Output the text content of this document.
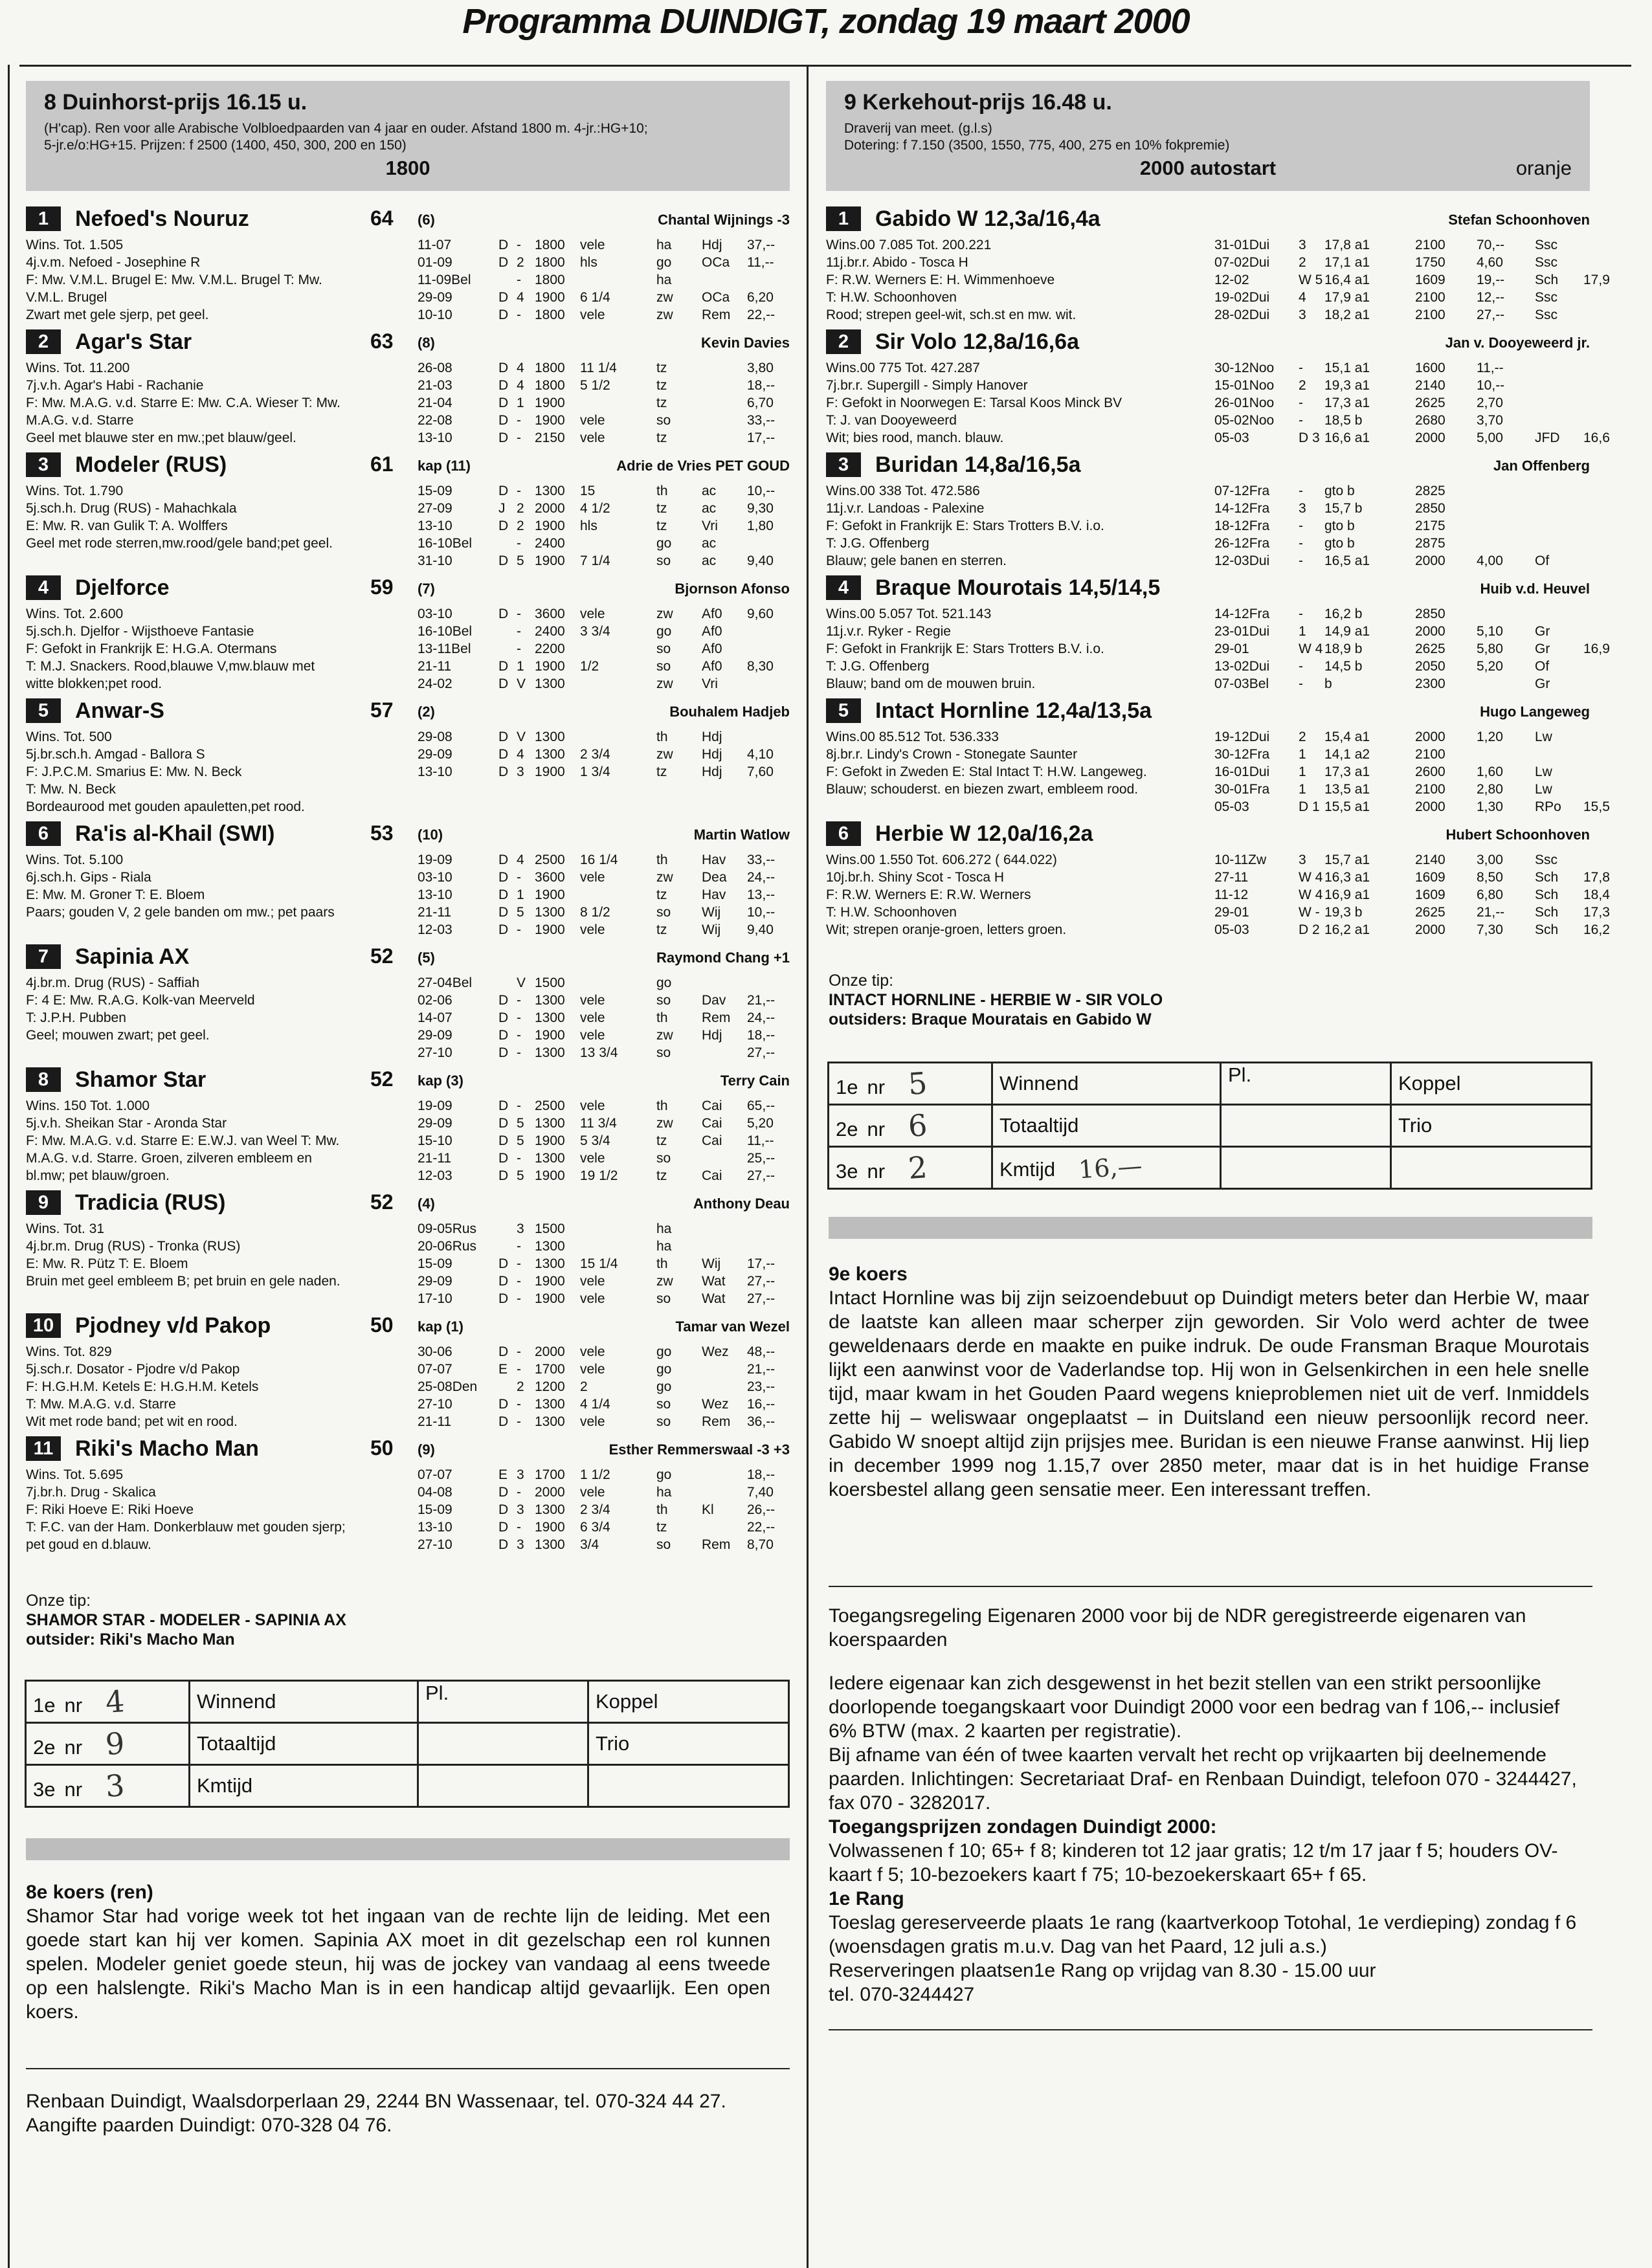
Programma DUINDIGT, zondag 19 maart 2000
8 Duinhorst-prijs 16.15 u.
(H'cap). Ren voor alle Arabische Volbloedpaarden van 4 jaar en ouder. Afstand 1800 m. 4-jr.:HG+10;
5-jr.e/o:HG+15. Prijzen: f 2500 (1400, 450, 300, 200 en 150)
1800
1	Nefoed's Nouruz	64 (6)	Chantal Wijnings -3
Wins. Tot. 1.505
4j.v.m. Nefoed - Josephine R
F: Mw. V.M.L. Brugel E: Mw. V.M.L. Brugel T: Mw.
V.M.L. Brugel
Zwart met gele sjerp, pet geel.
11-07	D -	1800	vele	ha	Hdj	37,--
01-09	D 2 1800	hls	go	OCa	11,--
11-09Bel	-	1800	ha
29-09	D 4 1900	6 1/4	zw	OCa	6,20
10-10	D -	1800	vele	zw	Rem	22,--
2	Agar's Star	63 (8)	Kevin Davies
Wins. Tot. 11.200
7j.v.h. Agar's Habi - Rachanie
F: Mw. M.A.G. v.d. Starre E: Mw. C.A. Wieser T: Mw.
M.A.G. v.d. Starre
Geel met blauwe ster en mw.;pet blauw/geel.
26-08	D 4 1800	11 1/4	tz	3,80
21-03	D 4 1800	5 1/2	tz	18,--
21-04	D 1 1900	tz	6,70
22-08	D -	1900	vele	so	33,--
13-10	D -	2150	vele	tz	17,--
3	Modeler (RUS)	61 kap (11)	Adrie de Vries PET GOUD
Wins. Tot. 1.790
5j.sch.h. Drug (RUS) - Mahachkala
E: Mw. R. van Gulik T: A. Wolffers
Geel met rode sterren,mw.rood/gele band;pet geel.
15-09	D -	1300	15	th	ac	10,--
27-09	J 2 2000	4 1/2	tz	ac	9,30
13-10	D 2 1900	hls	tz	Vri	1,80
16-10Bel	-	2400	go	ac
31-10	D 5 1900	7 1/4	so	ac	9,40
4	Djelforce	59 (7)	Bjornson Afonso
Wins. Tot. 2.600
5j.sch.h. Djelfor - Wijsthoeve Fantasie
F: Gefokt in Frankrijk E: H.G.A. Otermans
T: M.J. Snackers. Rood,blauwe V,mw.blauw met
witte blokken;pet rood.
03-10	D -	3600	vele	zw	Af0	9,60
16-10Bel	-	2400	3 3/4	go	Af0
13-11Bel	-	2200	so	Af0
21-11	D 1 1900	1/2	so	Af0	8,30
24-02	D V 1300	zw	Vri
5	Anwar-S	57 (2)	Bouhalem Hadjeb
Wins. Tot. 500
5j.br.sch.h. Amgad - Ballora S
F: J.P.C.M. Smarius E: Mw. N. Beck
T: Mw. N. Beck
Bordeaurood met gouden apauletten,pet rood.
29-08	D V 1300	th	Hdj
29-09	D 4 1300	2 3/4	zw	Hdj	4,10
13-10	D 3 1900	1 3/4	tz	Hdj	7,60
6	Ra'is al-Khail (SWI)	53 (10)	Martin Watlow
Wins. Tot. 5.100
6j.sch.h. Gips - Riala
E: Mw. M. Groner T: E. Bloem
Paars; gouden V, 2 gele banden om mw.; pet paars
19-09	D 4 2500	16 1/4	th	Hav	33,--
03-10	D -	3600	vele	zw	Dea	24,--
13-10	D 1 1900	tz	Hav	13,--
21-11	D 5 1300	8 1/2	so	Wij	10,--
12-03	D -	1900	vele	tz	Wij	9,40
7	Sapinia AX	52 (5)	Raymond Chang +1
4j.br.m. Drug (RUS) - Saffiah
F: 4 E: Mw. R.A.G. Kolk-van Meerveld
T: J.P.H. Pubben
Geel; mouwen zwart; pet geel.
27-04Bel	V 1500	go
02-06	D -	1300	vele	so	Dav	21,--
14-07	D -	1300	vele	th	Rem	24,--
29-09	D -	1900	vele	zw	Hdj	18,--
27-10	D -	1300	13 3/4	so	27,--
8	Shamor Star	52 kap (3)	Terry Cain
Wins. 150 Tot. 1.000
5j.v.h. Sheikan Star - Aronda Star
F: Mw. M.A.G. v.d. Starre E: E.W.J. van Weel T: Mw.
M.A.G. v.d. Starre. Groen, zilveren embleem en
bl.mw; pet blauw/groen.
19-09	D -	2500	vele	th	Cai	65,--
29-09	D 5 1300	11 3/4	zw	Cai	5,20
15-10	D 5 1900	5 3/4	tz	Cai	11,--
21-11	D -	1300	vele	so	25,--
12-03	D 5 1900	19 1/2	tz	Cai	27,--
9	Tradicia (RUS)	52 (4)	Anthony Deau
Wins. Tot. 31
4j.br.m. Drug (RUS) - Tronka (RUS)
E: Mw. R. Pütz T: E. Bloem
Bruin met geel embleem B; pet bruin en gele naden.
09-05Rus	3 1500	ha
20-06Rus	-	1300	ha
15-09	D -	1300	15 1/4	th	Wij	17,--
29-09	D -	1900	vele	zw	Wat	27,--
17-10	D -	1900	vele	so	Wat	27,--
10 Pjodney v/d Pakop	50 kap (1)	Tamar van Wezel
Wins. Tot. 829
5j.sch.r. Dosator - Pjodre v/d Pakop
F: H.G.H.M. Ketels E: H.G.H.M. Ketels
T: Mw. M.A.G. v.d. Starre
Wit met rode band; pet wit en rood.
30-06	D -	2000	vele	go	Wez	48,--
07-07	E -	1700	vele	go	21,--
25-08Den	2 1200	2	go	23,--
27-10	D -	1300	4 1/4	so	Wez	16,--
21-11	D -	1300	vele	so	Rem	36,--
11 Riki's Macho Man	50 (9)	Esther Remmerswaal -3 +3
Wins. Tot. 5.695
7j.br.h. Drug - Skalica
F: Riki Hoeve E: Riki Hoeve
T: F.C. van der Ham. Donkerblauw met gouden sjerp;
pet goud en d.blauw.
07-07	E 3 1700	1 1/2	go	18,--
04-08	D -	2000	vele	ha	7,40
15-09	D 3 1300	2 3/4	th	Kl	26,--
13-10	D -	1900	6 3/4	tz	22,--
27-10	D 3 1300	3/4	so	Rem	8,70
Onze tip:
SHAMOR STAR - MODELER - SAPINIA AX
outsider: Riki's Macho Man
1e nr 4	Winnend	Pl.	Koppel
2e nr 9	Totaaltijd		Trio
3e nr 3	Kmtijd		
8e koers (ren)
Shamor Star had vorige week tot het ingaan van de rechte lijn de leiding. Met een goede start kan hij ver komen. Sapinia AX moet in dit gezelschap een rol kunnen spelen. Modeler geniet goede steun, hij was de jockey van vandaag al eens tweede op een halslengte. Riki's Macho Man is in een handicap altijd gevaarlijk. Een open koers.
Renbaan Duindigt, Waalsdorperlaan 29, 2244 BN Wassenaar, tel. 070-324 44 27. Aangifte paarden Duindigt: 070-328 04 76.
9 Kerkehout-prijs 16.48 u.
Draverij van meet. (g.l.s)
Dotering: f 7.150 (3500, 1550, 775, 400, 275 en 10% fokpremie)
2000 autostart	oranje
1	Gabido W 12,3a/16,4a	Stefan Schoonhoven
Wins.00 7.085 Tot. 200.221
11j.br.r. Abido - Tosca H
F: R.W. Werners E: H. Wimmenhoeve
T: H.W. Schoonhoven
Rood; strepen geel-wit, sch.st en mw. wit.
31-01Dui	3	17,8 a1	2100	70,--	Ssc
07-02Dui	2	17,1 a1	1750	4,60	Ssc
12-02	W 5 16,4 a1	1609	19,--	Sch	17,9
19-02Dui	4	17,9 a1	2100	12,--	Ssc
28-02Dui	3	18,2 a1	2100	27,--	Ssc
2	Sir Volo 12,8a/16,6a	Jan v. Dooyeweerd jr.
Wins.00 775 Tot. 427.287
7j.br.r. Supergill - Simply Hanover
F: Gefokt in Noorwegen E: Tarsal Koos Minck BV
T: J. van Dooyeweerd
Wit; bies rood, manch. blauw.
30-12Noo	-	15,1 a1	1600	11,--
15-01Noo	2	19,3 a1	2140	10,--
26-01Noo	-	17,3 a1	2625	2,70
05-02Noo	-	18,5 b	2680	3,70
05-03	D 3 16,6 a1	2000	5,00	JFD	16,6
3	Buridan 14,8a/16,5a	Jan Offenberg
Wins.00 338 Tot. 472.586
11j.v.r. Landoas - Palexine
F: Gefokt in Frankrijk E: Stars Trotters B.V. i.o.
T: J.G. Offenberg
Blauw; gele banen en sterren.
07-12Fra	-	gto b	2825
14-12Fra	3	15,7 b	2850
18-12Fra	-	gto b	2175
26-12Fra	-	gto b	2875
12-03Dui	-	16,5 a1	2000	4,00	Of
4	Braque Mourotais 14,5/14,5	Huib v.d. Heuvel
Wins.00 5.057 Tot. 521.143
11j.v.r. Ryker - Regie
F: Gefokt in Frankrijk E: Stars Trotters B.V. i.o.
T: J.G. Offenberg
Blauw; band om de mouwen bruin.
14-12Fra	-	16,2 b	2850
23-01Dui	1	14,9 a1	2000	5,10	Gr
29-01	W 4 18,9 b	2625	5,80	Gr	16,9
13-02Dui	-	14,5 b	2050	5,20	Of
07-03Bel	-	b	2300	Gr
5	Intact Hornline 12,4a/13,5a	Hugo Langeweg
Wins.00 85.512 Tot. 536.333
8j.br.r. Lindy's Crown - Stonegate Saunter
F: Gefokt in Zweden E: Stal Intact T: H.W. Langeweg.
Blauw; schouderst. en biezen zwart, embleem rood.
19-12Dui	2	15,4 a1	2000	1,20	Lw
30-12Fra	1	14,1 a2	2100
16-01Dui	1	17,3 a1	2600	1,60	Lw
30-01Fra	1	13,5 a1	2100	2,80	Lw
05-03	D 1 15,5 a1	2000	1,30	RPo	15,5
6	Herbie W 12,0a/16,2a	Hubert Schoonhoven
Wins.00 1.550 Tot. 606.272 ( 644.022)
10j.br.h. Shiny Scot - Tosca H
F: R.W. Werners E: R.W. Werners
T: H.W. Schoonhoven
Wit; strepen oranje-groen, letters groen.
10-11Zw	3	15,7 a1	2140	3,00	Ssc
27-11	W 4 16,3 a1	1609	8,50	Sch	17,8
11-12	W 4 16,9 a1	1609	6,80	Sch	18,4
29-01	W - 19,3 b	2625	21,--	Sch	17,3
05-03	D 2 16,2 a1	2000	7,30	Sch	16,2
Onze tip:
INTACT HORNLINE - HERBIE W - SIR VOLO
outsiders: Braque Mouratais en Gabido W
1e nr 5	Winnend	Pl.	Koppel
2e nr 6	Totaaltijd		Trio
3e nr 2	Kmtijd 16,—		
9e koers
Intact Hornline was bij zijn seizoendebuut op Duindigt meters beter dan Herbie W, maar de laatste kan alleen maar scherper zijn geworden. Sir Volo werd achter de twee geweldenaars derde en maakte en puike indruk. De oude Fransman Braque Mourotais lijkt een aanwinst voor de Vaderlandse top. Hij won in Gelsenkirchen in een hele snelle tijd, maar kwam in het Gouden Paard wegens knieproblemen niet uit de verf. Inmiddels zette hij – weliswaar ongeplaatst – in Duitsland een nieuw persoonlijk record neer. Gabido W snoept altijd zijn prijsjes mee. Buridan is een nieuwe Franse aanwinst. Hij liep in december 1999 nog 1.15,7 over 2850 meter, maar dat is in het huidige Franse koersbestel allang geen sensatie meer. Een interessant treffen.
Toegangsregeling Eigenaren 2000 voor bij de NDR geregistreerde eigenaren van koerspaarden
Iedere eigenaar kan zich desgewenst in het bezit stellen van een strikt persoonlijke doorlopende toegangskaart voor Duindigt 2000 voor een bedrag van f 106,-- inclusief 6% BTW (max. 2 kaarten per registratie).
Bij afname van één of twee kaarten vervalt het recht op vrijkaarten bij deelnemende paarden. Inlichtingen: Secretariaat Draf- en Renbaan Duindigt, telefoon 070 - 3244427, fax 070 - 3282017.
Toegangsprijzen zondagen Duindigt 2000:
Volwassenen f 10; 65+ f 8; kinderen tot 12 jaar gratis; 12 t/m 17 jaar f 5; houders OV-kaart f 5; 10-bezoekers kaart f 75; 10-bezoekerskaart 65+ f 65.
1e Rang
Toeslag gereserveerde plaats 1e rang (kaartverkoop Totohal, 1e verdieping) zondag f 6 (woensdagen gratis m.u.v. Dag van het Paard, 12 juli a.s.)
Reserveringen plaatsen1e Rang op vrijdag van 8.30 - 15.00 uur
tel. 070-3244427
